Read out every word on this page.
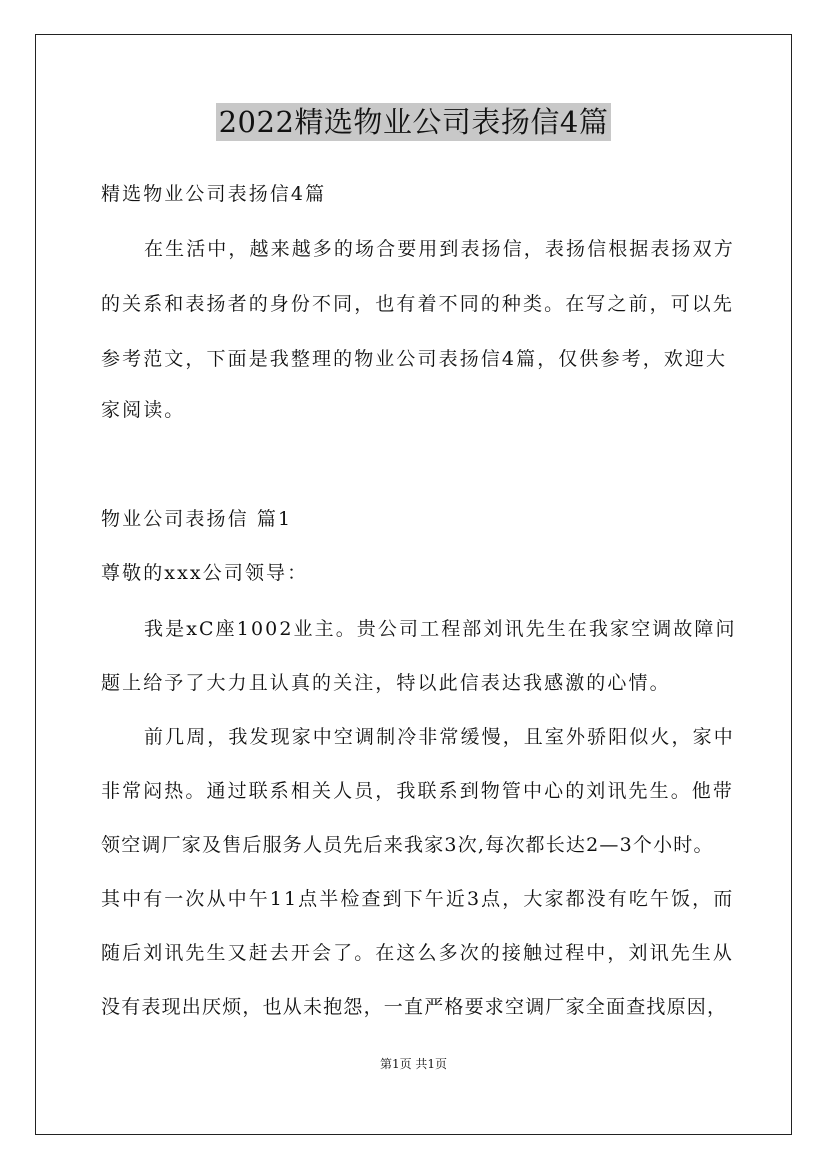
2022精选物业公司表扬信4篇
精选物业公司表扬信4篇
在生活中，越来越多的场合要用到表扬信，表扬信根据表扬双方
的关系和表扬者的身份不同，也有着不同的种类。在写之前，可以先
参考范文，下面是我整理的物业公司表扬信4篇，仅供参考，欢迎大
家阅读。
物业公司表扬信 篇1
尊敬的xxx公司领导：
我是xC座1002业主。贵公司工程部刘讯先生在我家空调故障问
题上给予了大力且认真的关注，特以此信表达我感激的心情。
前几周，我发现家中空调制冷非常缓慢，且室外骄阳似火，家中
非常闷热。通过联系相关人员，我联系到物管中心的刘讯先生。他带
领空调厂家及售后服务人员先后来我家3次,每次都长达2—3个小时。
其中有一次从中午11点半检查到下午近3点，大家都没有吃午饭，而
随后刘讯先生又赶去开会了。在这么多次的接触过程中，刘讯先生从
没有表现出厌烦，也从未抱怨，一直严格要求空调厂家全面查找原因，
第1页 共1页
